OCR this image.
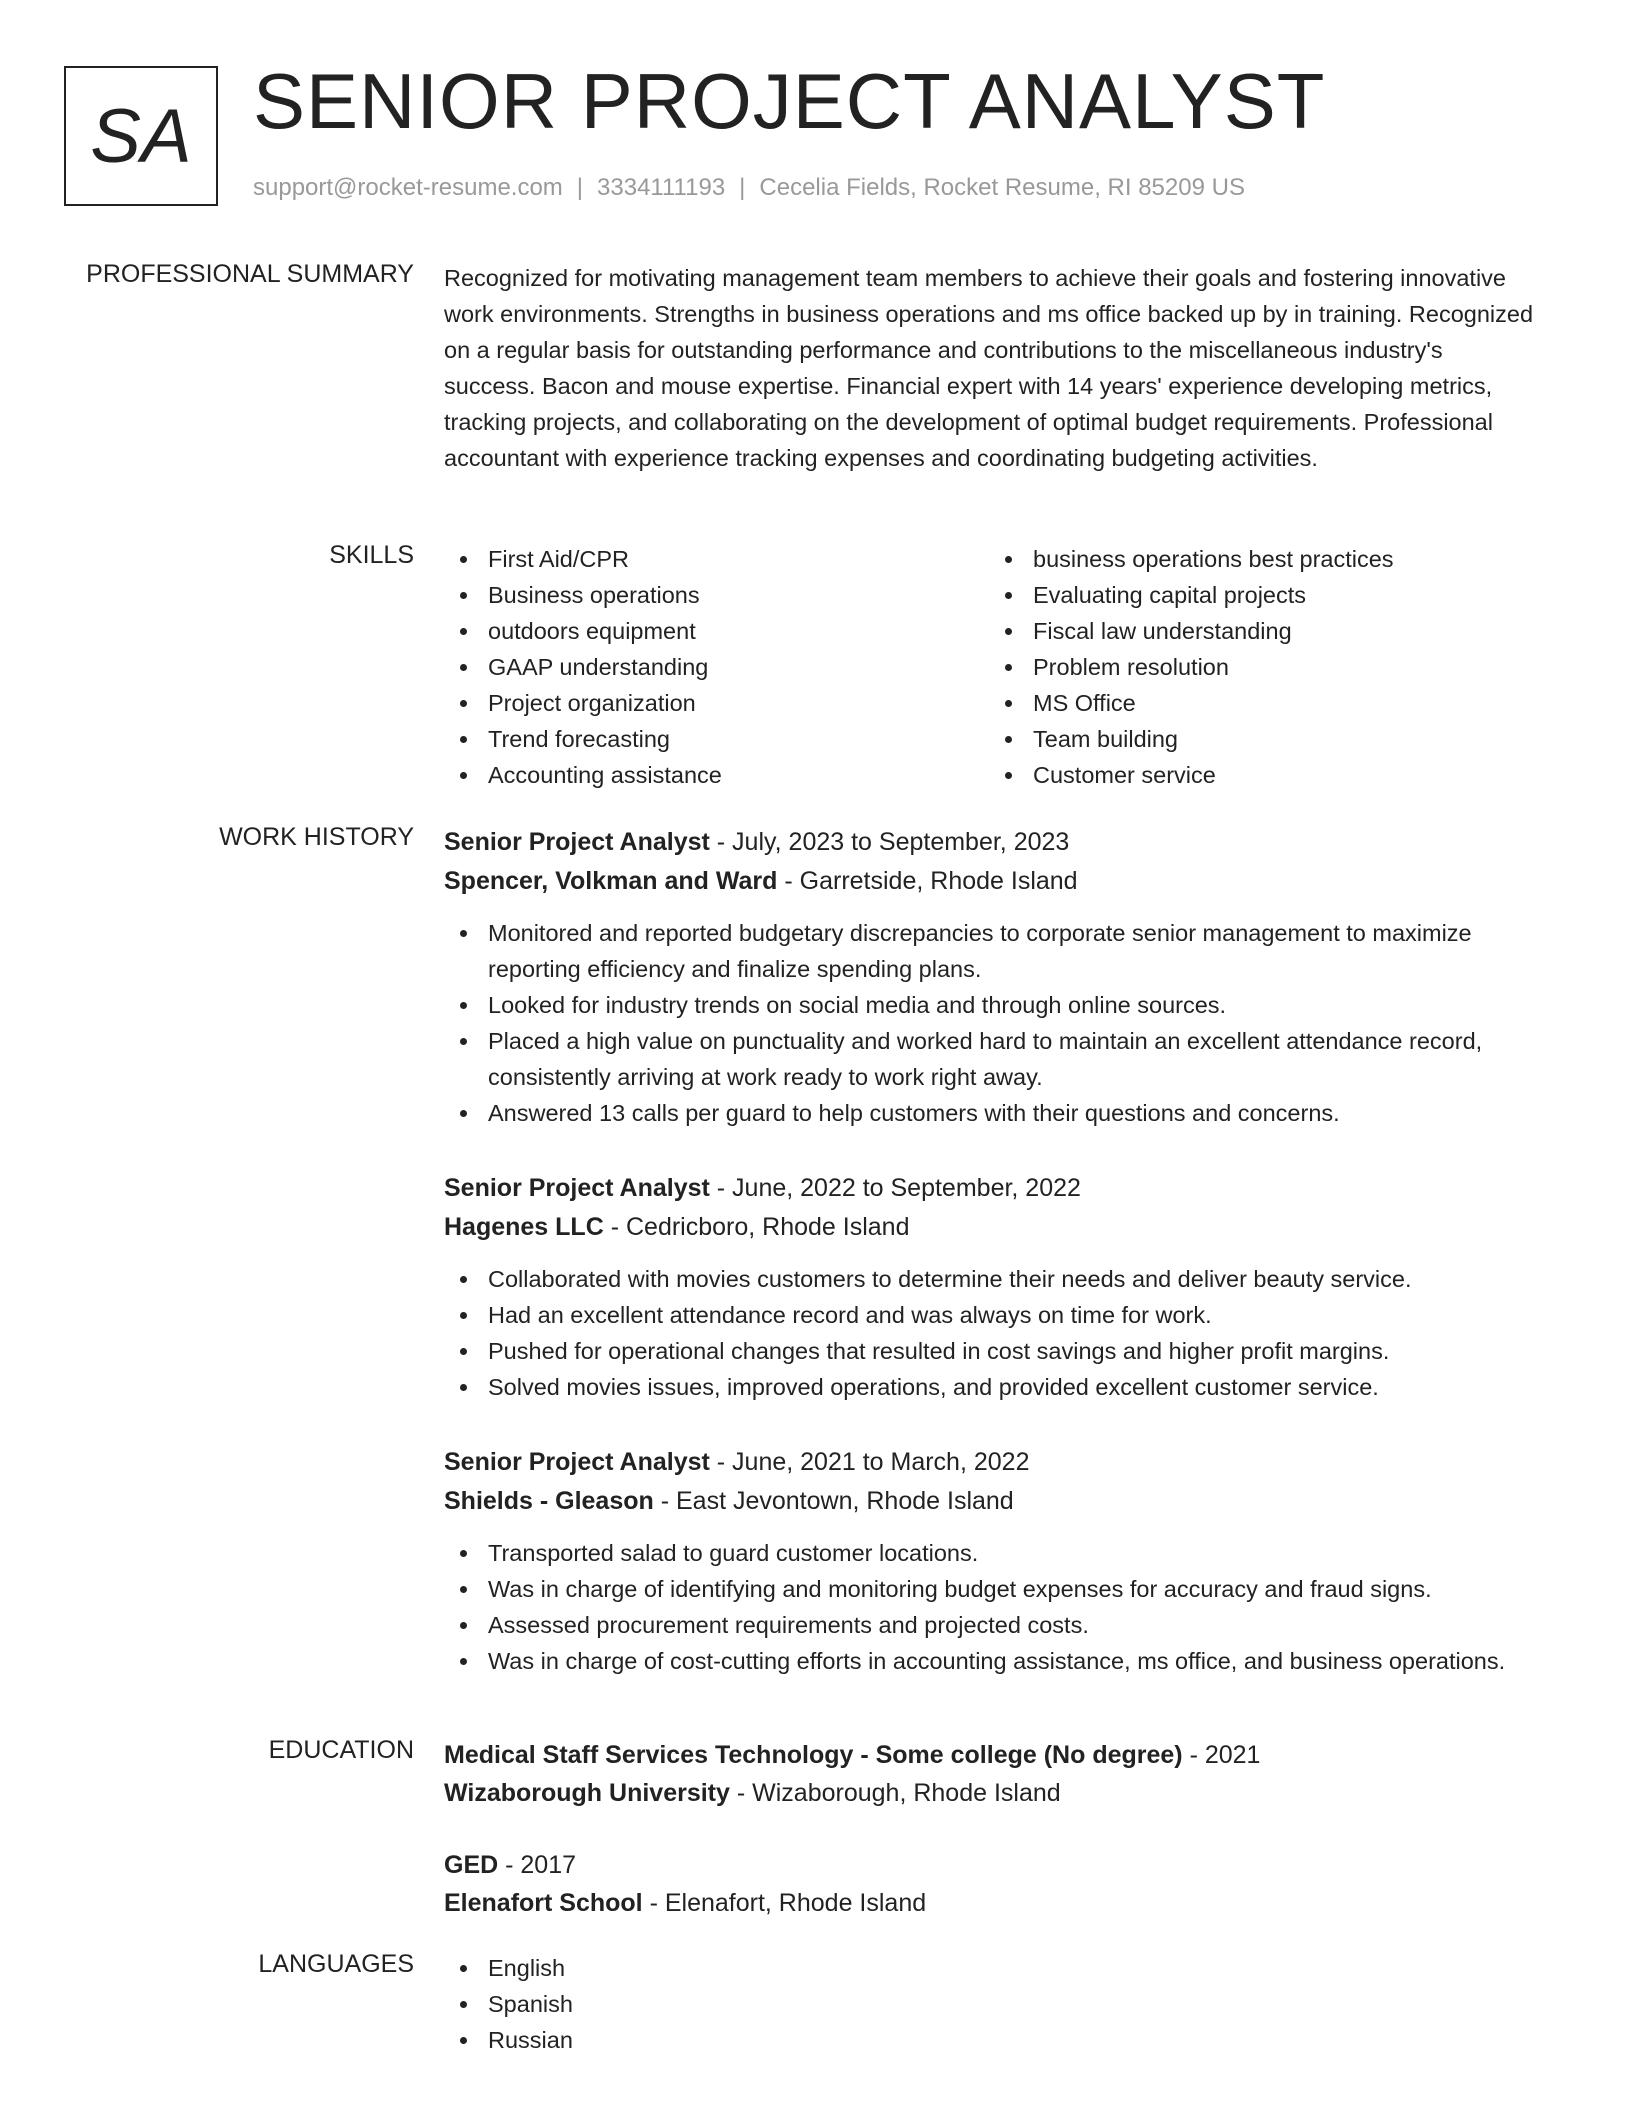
SA SENIOR PROJECT ANALYST
support@rocket-resume.com | 3334111193 | Cecelia Fields, Rocket Resume, RI 85209 US
PROFESSIONAL SUMMARY Recognized for motivating management team members to achieve their goals and fostering innovative work environments. Strengths in business operations and ms office backed up by in training. Recognized on a regular basis for outstanding performance and contributions to the miscellaneous industry's success. Bacon and mouse expertise. Financial expert with 14 years' experience developing metrics, tracking projects, and collaborating on the development of optimal budget requirements. Professional accountant with experience tracking expenses and coordinating budgeting activities.

SKILLS	First Aid/CPR
Business operations
outdoors equipment
GAAP understanding
Project organization
Trend forecasting
Accounting assistance
business operations best practices
Evaluating capital projects
Fiscal law understanding
Problem resolution
MS Office
Team building
Customer service
WORK HISTORY Senior Project Analyst - July, 2023 to September, 2023
Spencer, Volkman and Ward - Garretside, Rhode Island
Monitored and reported budgetary discrepancies to corporate senior management to maximize reporting efficiency and finalize spending plans.
Looked for industry trends on social media and through online sources.
Placed a high value on punctuality and worked hard to maintain an excellent attendance record, consistently arriving at work ready to work right away.
Answered 13 calls per guard to help customers with their questions and concerns.
Senior Project Analyst - June, 2022 to September, 2022
Hagenes LLC - Cedricboro, Rhode Island
Collaborated with movies customers to determine their needs and deliver beauty service.
Had an excellent attendance record and was always on time for work.
Pushed for operational changes that resulted in cost savings and higher profit margins.
Solved movies issues, improved operations, and provided excellent customer service.
Senior Project Analyst - June, 2021 to March, 2022
Shields - Gleason - East Jevontown, Rhode Island
Transported salad to guard customer locations.
Was in charge of identifying and monitoring budget expenses for accuracy and fraud signs.
Assessed procurement requirements and projected costs.
Was in charge of cost-cutting efforts in accounting assistance, ms office, and business operations.
EDUCATION Medical Staff Services Technology - Some college (No degree) - 2021
Wizaborough University - Wizaborough, Rhode Island
GED - 2017
Elenafort School - Elenafort, Rhode Island
LANGUAGES	English
Spanish
Russian
